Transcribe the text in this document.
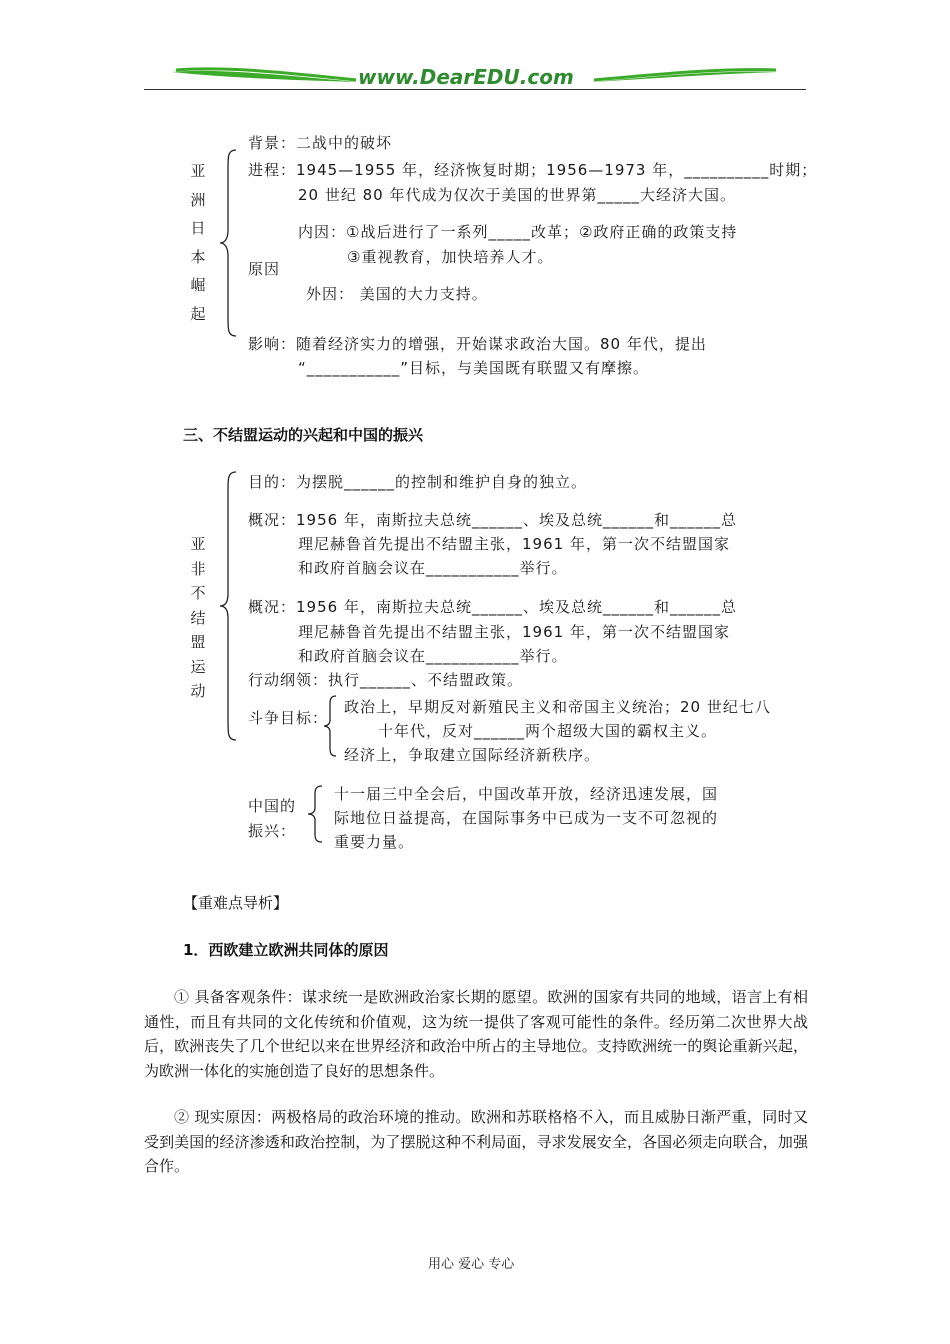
www.DearEDU.com
亚洲日本崛起
背景：二战中的破坏
进程：1945—1955 年，经济恢复时期；1956—1973 年，__________时期；
20 世纪 80 年代成为仅次于美国的世界第_____大经济大国。
内因：①战后进行了一系列_____改革；②政府正确的政策支持
③重视教育，加快培养人才。
原因
外因： 美国的大力支持。
影响：随着经济实力的增强，开始谋求政治大国。80 年代，提出
“___________”目标，与美国既有联盟又有摩擦。
三、不结盟运动的兴起和中国的振兴
亚非不结盟运动
目的：为摆脱______的控制和维护自身的独立。
概况：1956 年，南斯拉夫总统______、埃及总统______和______总
理尼赫鲁首先提出不结盟主张，1961 年，第一次不结盟国家
和政府首脑会议在___________举行。
概况：1956 年，南斯拉夫总统______、埃及总统______和______总
理尼赫鲁首先提出不结盟主张，1961 年，第一次不结盟国家
和政府首脑会议在___________举行。
行动纲领：执行______、不结盟政策。
斗争目标：
政治上，早期反对新殖民主义和帝国主义统治；20 世纪七八
十年代，反对______两个超级大国的霸权主义。
经济上，争取建立国际经济新秩序。
中国的
振兴：
十一届三中全会后，中国改革开放，经济迅速发展，国
际地位日益提高，在国际事务中已成为一支不可忽视的
重要力量。
【重难点导析】
1．西欧建立欧洲共同体的原因
① 具备客观条件：谋求统一是欧洲政治家长期的愿望。欧洲的国家有共同的地域，语言上有相通性，而且有共同的文化传统和价值观，这为统一提供了客观可能性的条件。经历第二次世界大战后，欧洲丧失了几个世纪以来在世界经济和政治中所占的主导地位。支持欧洲统一的舆论重新兴起，为欧洲一体化的实施创造了良好的思想条件。
② 现实原因：两极格局的政治环境的推动。欧洲和苏联格格不入，而且威胁日渐严重，同时又受到美国的经济渗透和政治控制，为了摆脱这种不利局面，寻求发展安全，各国必须走向联合，加强合作。
用心 爱心 专心
